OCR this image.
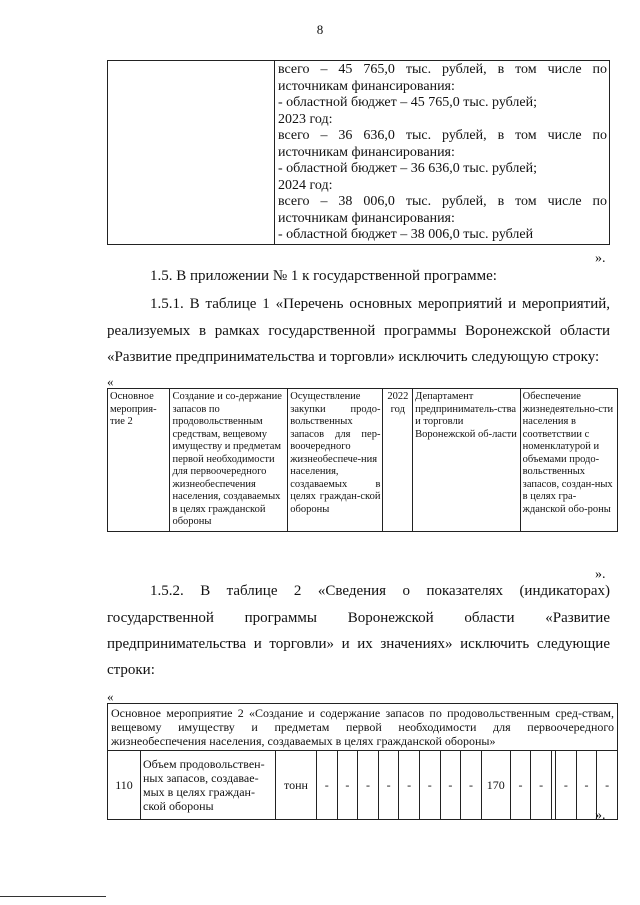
8

всего – 45 765,0 тыс. рублей, в том числе по
источникам финансирования:
- областной бюджет – 45 765,0 тыс. рублей;
2023 год:
всего – 36 636,0 тыс. рублей, в том числе по
источникам финансирования:
- областной бюджет – 36 636,0 тыс. рублей;
2024 год:
всего – 38 006,0 тыс. рублей, в том числе по
источникам финансирования:
- областной бюджет – 38 006,0 тыс. рублей
».
1.5. В приложении № 1 к государственной программе:
1.5.1. В таблице 1 «Перечень основных мероприятий и мероприятий,
реализуемых в рамках государственной программы Воронежской области «Развитие предпринимательства и торговли» исключить следующую строку:
«
Основное мероприя-тие 2	Создание и со-держание запасов по продовольственным средствам, вещевому имуществу и предметам первой необходимости для первоочередного жизнеобеспечения населения, создаваемых в целях гражданской обороны	Осуществление закупки продо-вольственных запасов для пер-воочередного жизнеобеспече-ния населения, создаваемых в целях граждан-ской обороны	2022 год	Департамент предприниматель-ства и торговли Воронежской об-ласти	Обеспечение жизнедеятельно-сти населения в соответствии с номенклатурой и объемами продо-вольственных запасов, создан-ных в целях гра-жданской обо-роны
».
1.5.2. В таблице 2 «Сведения о показателях (индикаторах)
государственной программы Воронежской области «Развитие
предпринимательства и торговли» и их значениях» исключить следующие
строки:
«
Основное мероприятие 2 «Создание и содержание запасов по продовольственным сред-ствам, вещевому имуществу и предметам первой необходимости для первоочередного жизнеобеспечения населения, создаваемых в целях гражданской обороны»
110	Объем продовольствен-ных запасов, создавае-мых в целях граждан-ской обороны	тонн	-	-	-	-	-	-	-	-	170	-	-		-	-	-
».
